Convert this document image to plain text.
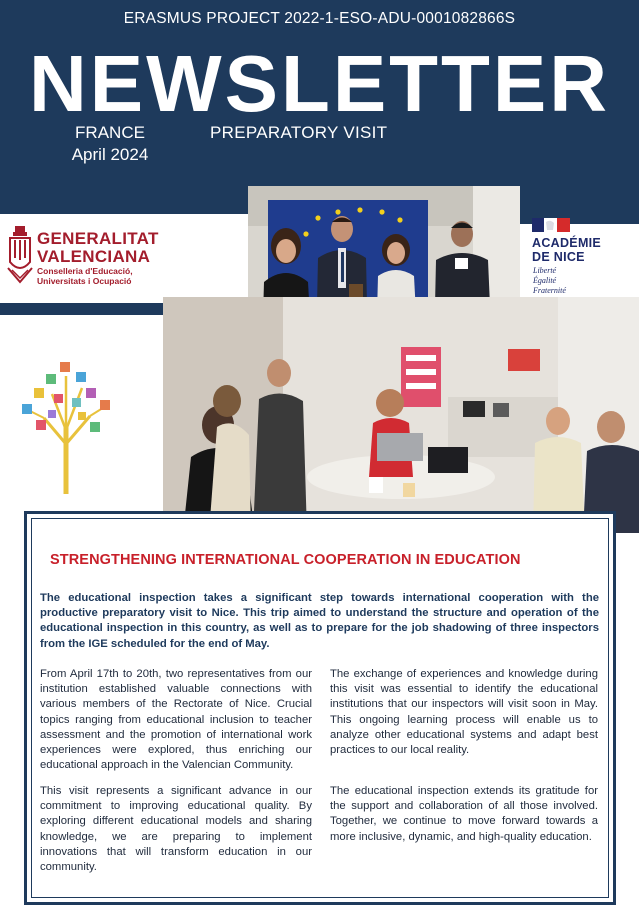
ERASMUS PROJECT 2022-1-ESO-ADU-0001082866S
NEWSLETTER
FRANCE
April 2024
PREPARATORY VISIT
GENERALITAT
VALENCIANA
Conselleria d'Educació,
Universitats i Ocupació
ACADÉMIE
DE NICE
Liberté
Égalité
Fraternité
STRENGTHENING INTERNATIONAL COOPERATION IN EDUCATION
The educational inspection takes a significant step towards international cooperation with the productive preparatory visit to Nice. This trip aimed to understand the structure and operation of the educational inspection in this country, as well as to prepare for the job shadowing of three inspectors from the IGE scheduled for the end of May.
From April 17th to 20th, two representatives from our institution established valuable connections with various members of the Rectorate of Nice. Crucial topics ranging from educational inclusion to teacher assessment and the promotion of international work experiences were explored, thus enriching our educational approach in the Valencian Community.
This visit represents a significant advance in our commitment to improving educational quality. By exploring different educational models and sharing knowledge, we are preparing to implement innovations that will transform education in our community.
The exchange of experiences and knowledge during this visit was essential to identify the educational institutions that our inspectors will visit soon in May. This ongoing learning process will enable us to analyze other educational systems and adapt best practices to our local reality.
The educational inspection extends its gratitude for the support and collaboration of all those involved. Together, we continue to move forward towards a more inclusive, dynamic, and high-quality education.
